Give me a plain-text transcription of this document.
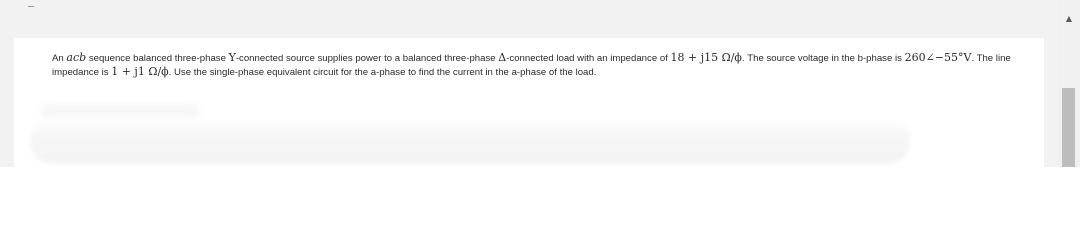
An acb sequence balanced three-phase Y-connected source supplies power to a balanced three-phase Δ-connected load with an impedance of 18 + j15 Ω/ϕ. The source voltage in the b-phase is 260∠−55°V. The line impedance is 1 + j1 Ω/ϕ. Use the single-phase equivalent circuit for the a-phase to find the current in the a-phase of the load.
▲
